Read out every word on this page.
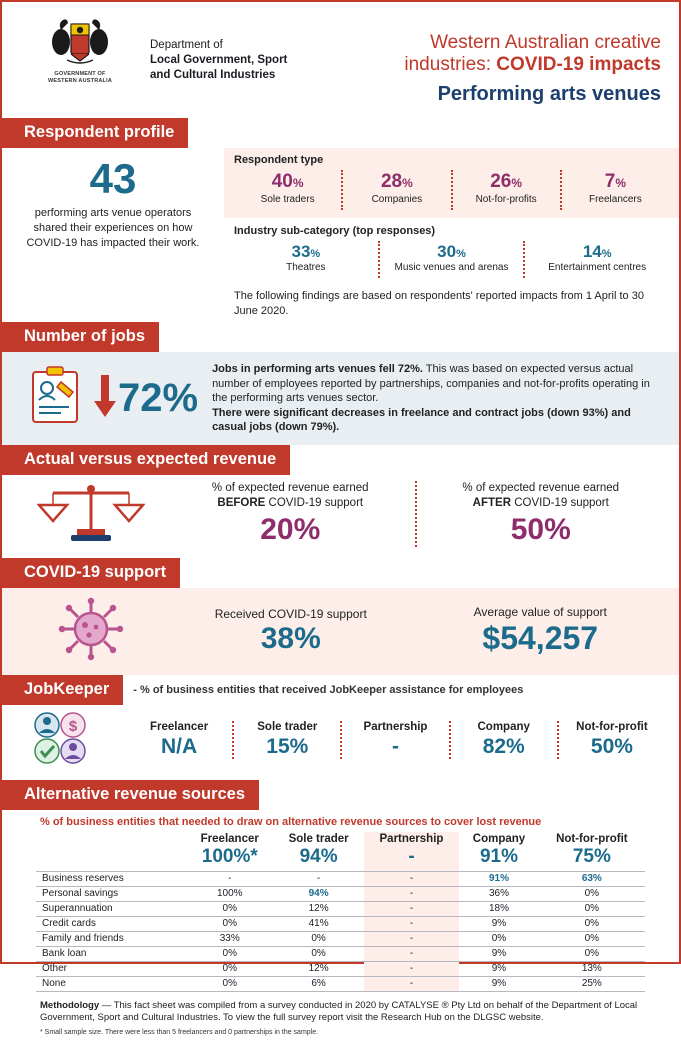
GOVERNMENT OF
WESTERN AUSTRALIA
Department of
Local Government, Sport
and Cultural Industries
Western Australian creative
industries: COVID-19 impacts
Performing arts venues
Respondent profile
43

performing arts venue operators shared their experiences on how COVID-19 has impacted their work.

Respondent type
40%
Sole traders
28%
Companies
26%
Not-for-profits
7%
Freelancers
Industry sub-category (top responses)
33%
Theatres
30%
Music venues and arenas
14%
Entertainment centres
The following findings are based on respondents' reported impacts from 1 April to 30 June 2020.
Number of jobs
72%
Jobs in performing arts venues fell 72%. This was based on expected versus actual number of employees reported by partnerships, companies and not-for-profits operating in the performing arts venues sector.
There were significant decreases in freelance and contract jobs (down 93%) and casual jobs (down 79%).
Actual versus expected revenue
% of expected revenue earned
BEFORE COVID-19 support
20%
% of expected revenue earned
AFTER COVID-19 support
50%
COVID-19 support
Received COVID-19 support
38%
Average value of support
$54,257
JobKeeper	- % of business entities that received JobKeeper assistance for employees
$	Freelancer
N/A
Sole trader
15%
Partnership
-
Company
82%
Not-for-profit
50%
Alternative revenue sources
% of business entities that needed to draw on alternative revenue sources to cover lost revenue
	Freelancer	Sole trader	Partnership	Company	Not-for-profit
	100%*	94%	-	91%	75%
Business reserves	-	-	-	91%	63%
Personal savings	100%	94%	-	36%	0%
Superannuation	0%	12%	-	18%	0%
Credit cards	0%	41%	-	9%	0%
Family and friends	33%	0%	-	0%	0%
Bank loan	0%	0%	-	9%	0%
Other	0%	12%	-	9%	13%
None	0%	6%	-	9%	25%
Methodology — This fact sheet was compiled from a survey conducted in 2020 by CATALYSE ® Pty Ltd on behalf of the Department of Local Government, Sport and Cultural Industries. To view the full survey report visit the Research Hub on the DLGSC website.
* Small sample size. There were less than 5 freelancers and 0 partnerships in the sample.
